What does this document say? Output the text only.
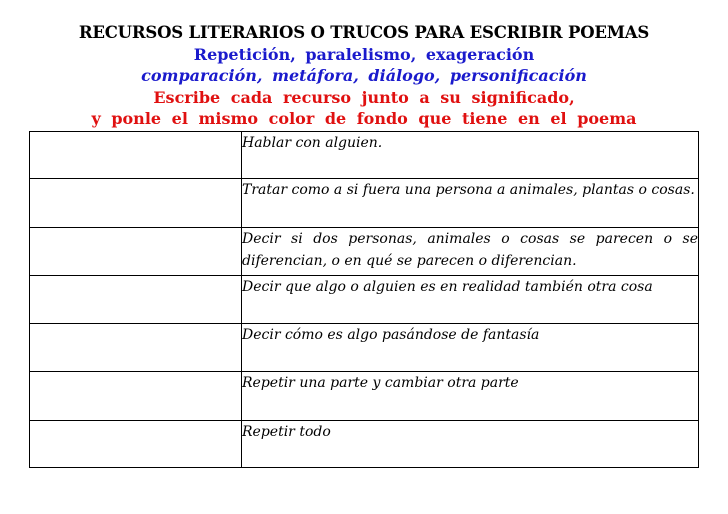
RECURSOS LITERARIOS O TRUCOS PARA ESCRIBIR POEMAS
Repetición, paralelismo, exageración
comparación, metáfora, diálogo, personificación
Escribe cada recurso junto a su significado,
y ponle el mismo color de fondo que tiene en el poema
	Hablar con alguien.
	Tratar como a si fuera una persona a animales, plantas o cosas.
	Decir si dos personas, animales o cosas se parecen o se diferencian, o en qué se parecen o diferencian.
	Decir que algo o alguien es en realidad también otra cosa
	Decir cómo es algo pasándose de fantasía
	Repetir una parte y cambiar otra parte
	Repetir todo
